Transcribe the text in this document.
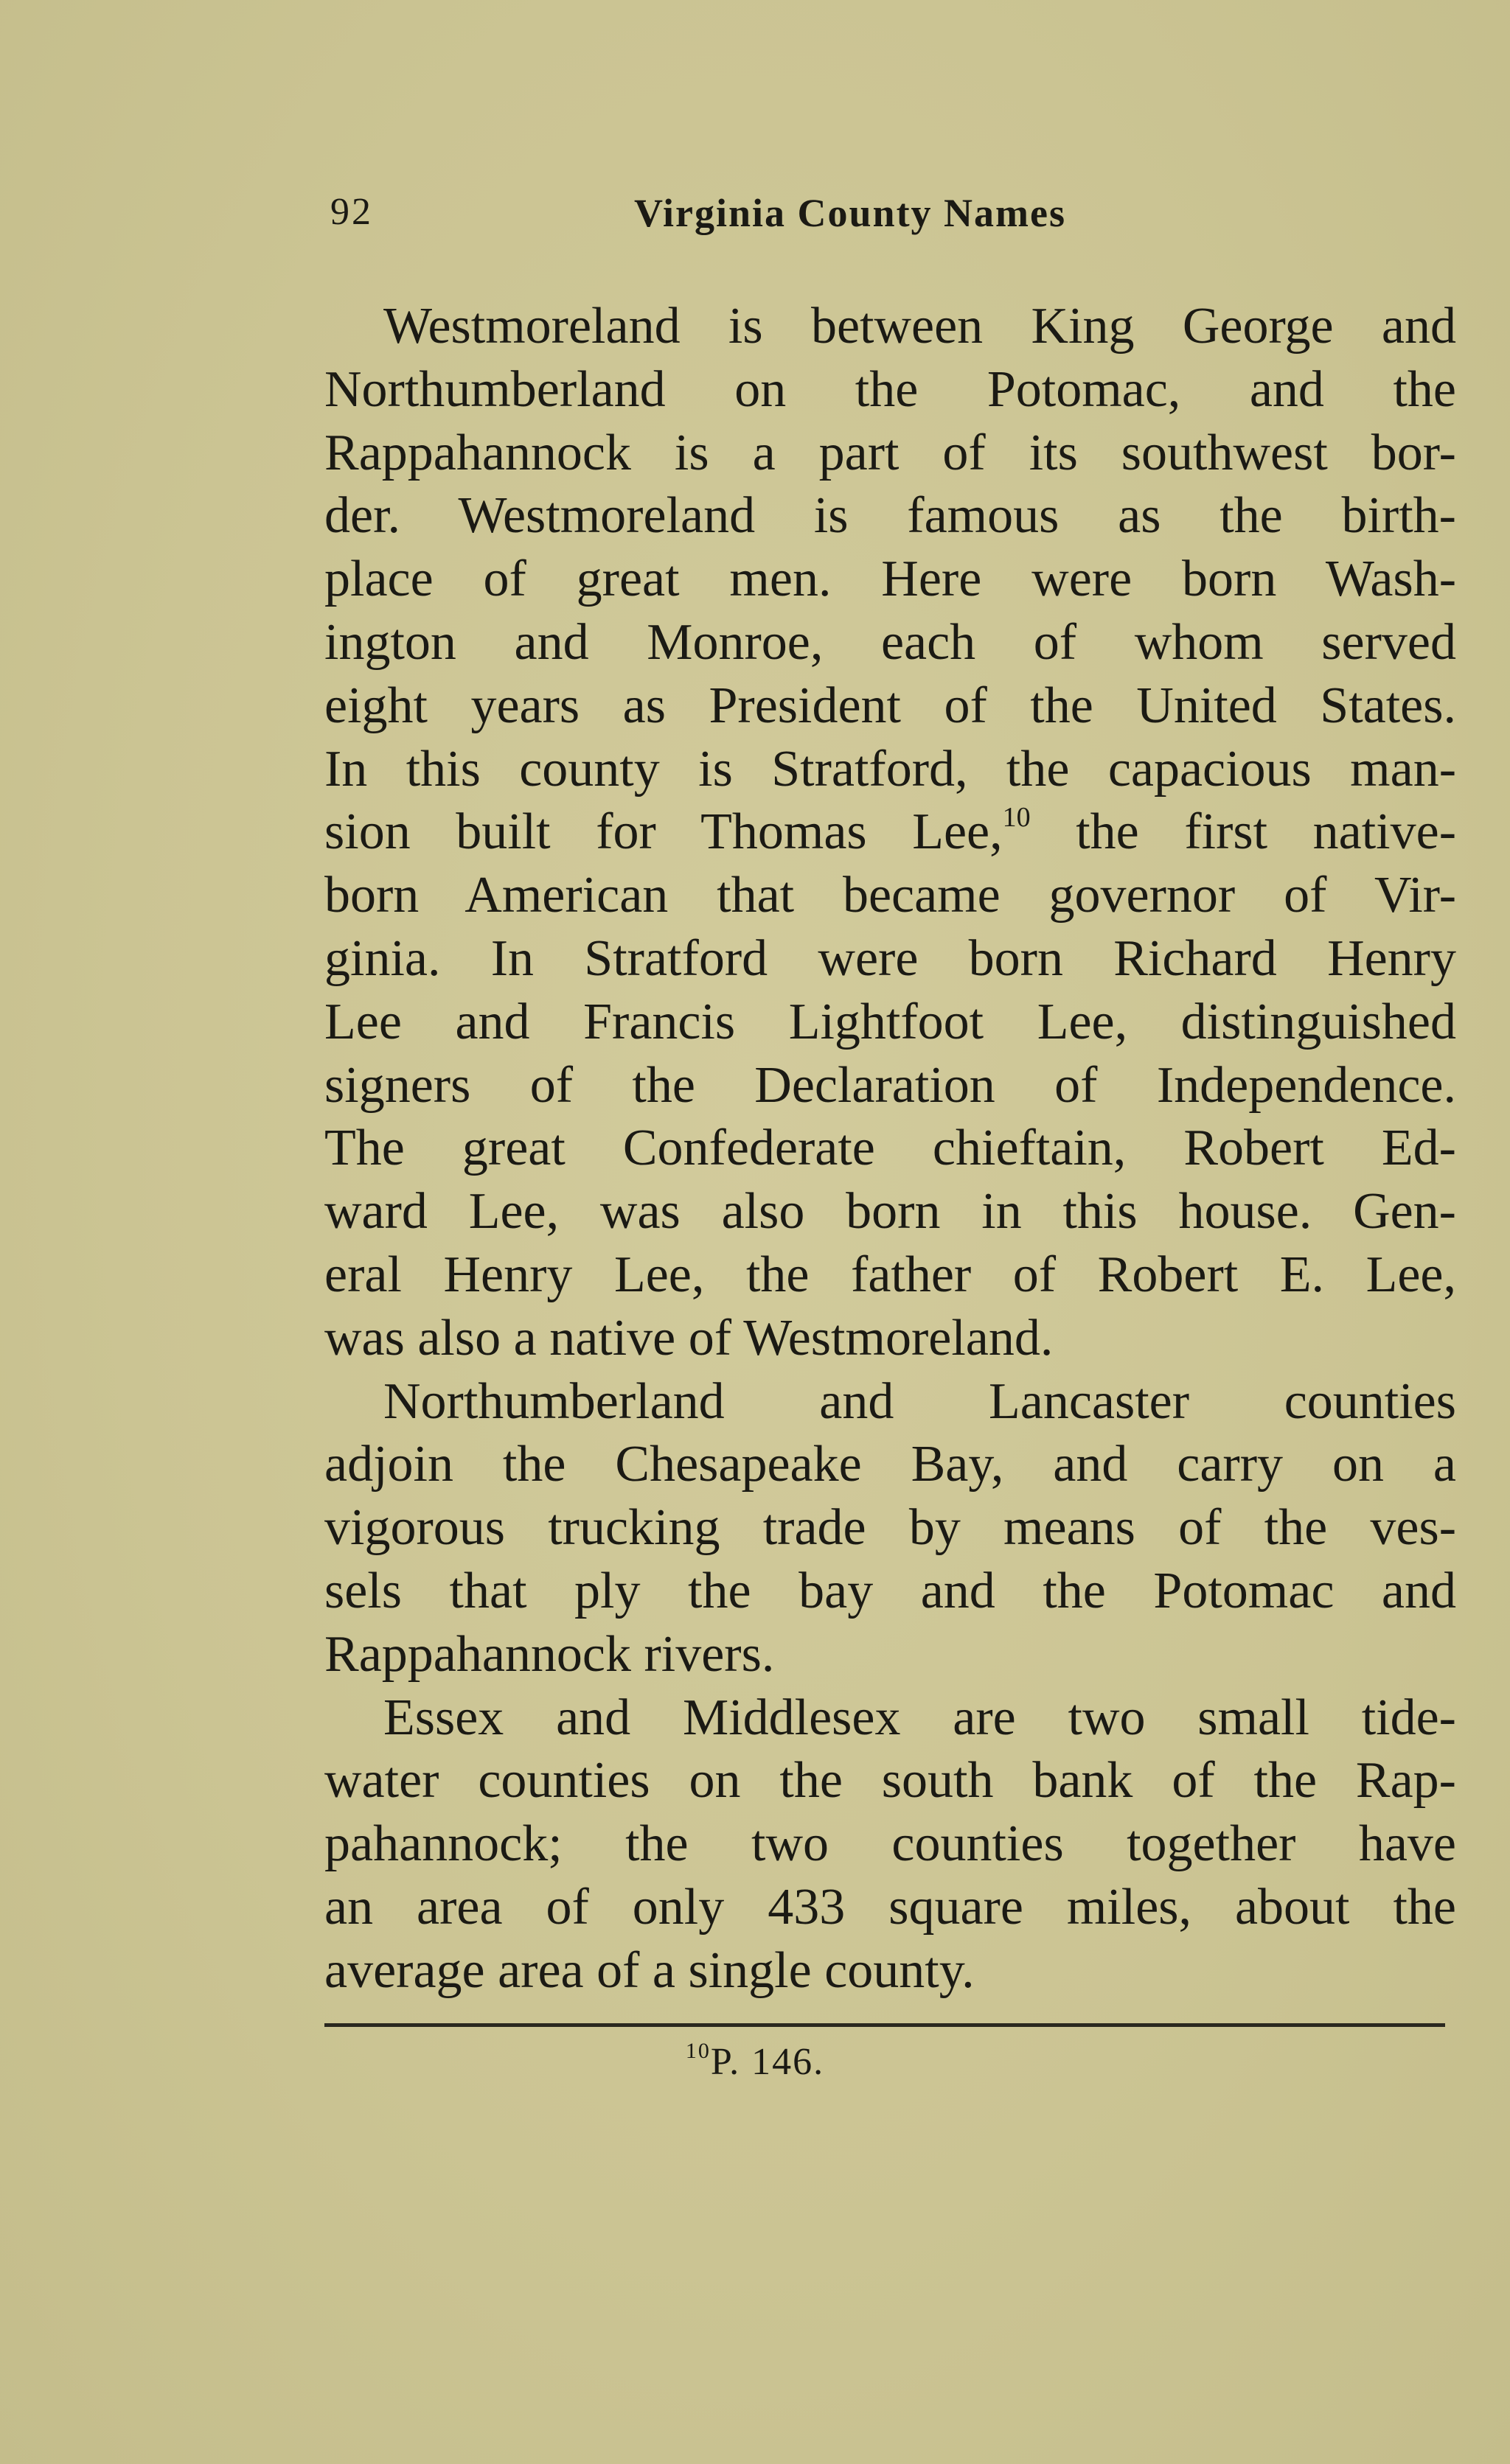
92	Virginia County Names

Westmoreland is between King George and

Northumberland on the Potomac, and the

Rappahannock is a part of its southwest bor-

der. Westmoreland is famous as the birth-

place of great men. Here were born Wash-

ington and Monroe, each of whom served

eight years as President of the United States.

In this county is Stratford, the capacious man-

sion built for Thomas Lee,$^{10}$ the first native-

born American that became governor of Vir-

ginia. In Stratford were born Richard Henry

Lee and Francis Lightfoot Lee, distinguished

signers of the Declaration of Independence.

The great Confederate chieftain, Robert Ed-

ward Lee, was also born in this house. Gen-

eral Henry Lee, the father of Robert E. Lee,

was also a native of Westmoreland.

Northumberland and Lancaster counties

adjoin the Chesapeake Bay, and carry on a

vigorous trucking trade by means of the ves-

sels that ply the bay and the Potomac and

Rappahannock rivers.

Essex and Middlesex are two small tide-

water counties on the south bank of the Rap-

pahannock; the two counties together have

an area of only 433 square miles, about the

average area of a single county.

$^{10}$P. 146.
